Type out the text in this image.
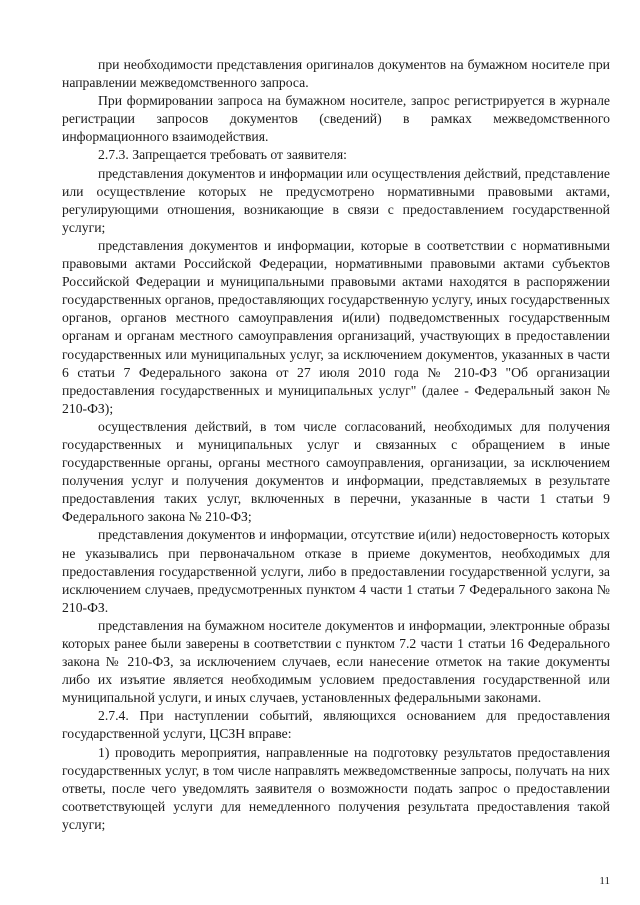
при необходимости представления оригиналов документов на бумажном носителе при направлении межведомственного запроса.

При формировании запроса на бумажном носителе, запрос регистрируется в журнале регистрации запросов документов (сведений) в рамках межведомственного информационного взаимодействия.

2.7.3. Запрещается требовать от заявителя:

представления документов и информации или осуществления действий, представление или осуществление которых не предусмотрено нормативными правовыми актами, регулирующими отношения, возникающие в связи с предоставлением государственной услуги;

представления документов и информации, которые в соответствии с нормативными правовыми актами Российской Федерации, нормативными правовыми актами субъектов Российской Федерации и муниципальными правовыми актами находятся в распоряжении государственных органов, предоставляющих государственную услугу, иных государственных органов, органов местного самоуправления и(или) подведомственных государственным органам и органам местного самоуправления организаций, участвующих в предоставлении государственных или муниципальных услуг, за исключением документов, указанных в части 6 статьи 7 Федерального закона от 27 июля 2010 года № 210-ФЗ "Об организации предоставления государственных и муниципальных услуг" (далее - Федеральный закон № 210-ФЗ);

осуществления действий, в том числе согласований, необходимых для получения государственных и муниципальных услуг и связанных с обращением в иные государственные органы, органы местного самоуправления, организации, за исключением получения услуг и получения документов и информации, представляемых в результате предоставления таких услуг, включенных в перечни, указанные в части 1 статьи 9 Федерального закона № 210-ФЗ;

представления документов и информации, отсутствие и(или) недостоверность которых не указывались при первоначальном отказе в приеме документов, необходимых для предоставления государственной услуги, либо в предоставлении государственной услуги, за исключением случаев, предусмотренных пунктом 4 части 1 статьи 7 Федерального закона № 210-ФЗ.

представления на бумажном носителе документов и информации, электронные образы которых ранее были заверены в соответствии с пунктом 7.2 части 1 статьи 16 Федерального закона № 210-ФЗ, за исключением случаев, если нанесение отметок на такие документы либо их изъятие является необходимым условием предоставления государственной или муниципальной услуги, и иных случаев, установленных федеральными законами.

2.7.4. При наступлении событий, являющихся основанием для предоставления государственной услуги, ЦСЗН вправе:

1) проводить мероприятия, направленные на подготовку результатов предоставления государственных услуг, в том числе направлять межведомственные запросы, получать на них ответы, после чего уведомлять заявителя о возможности подать запрос о предоставлении соответствующей услуги для немедленного получения результата предоставления такой услуги;

11
